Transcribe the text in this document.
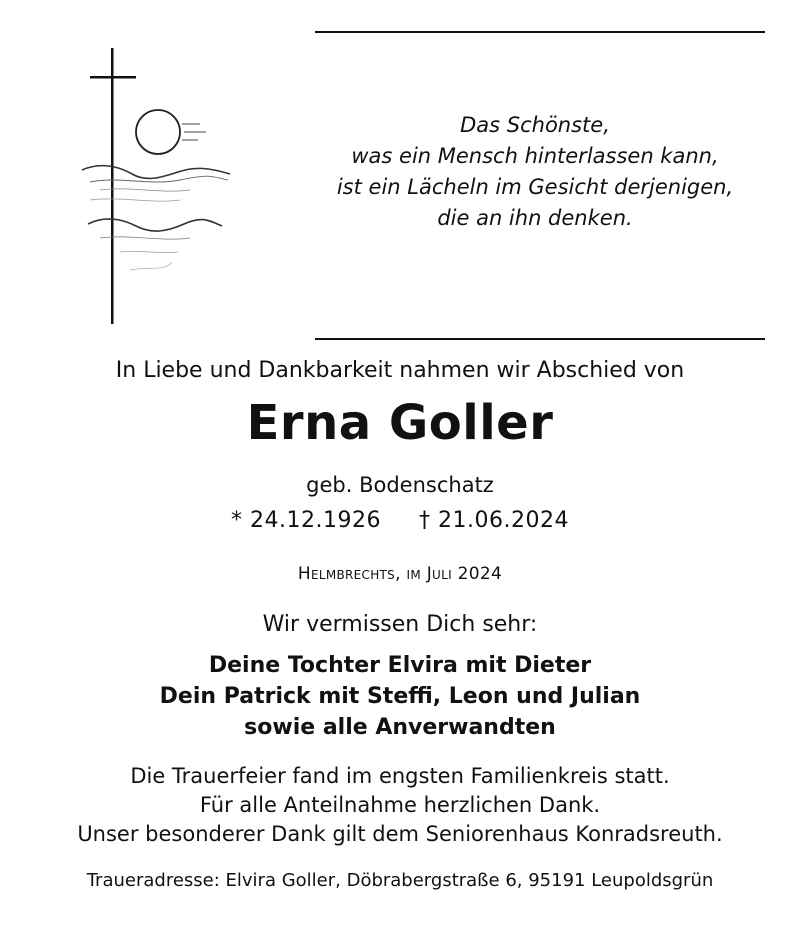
Das Schönste,
was ein Mensch hinterlassen kann,
ist ein Lächeln im Gesicht derjenigen,
die an ihn denken.
In Liebe und Dankbarkeit nahmen wir Abschied von
Erna Goller
geb. Bodenschatz
* 24.12.1926 † 21.06.2024
Helmbrechts, im Juli 2024
Wir vermissen Dich sehr:
Deine Tochter Elvira mit Dieter
Dein Patrick mit Steffi, Leon und Julian
sowie alle Anverwandten
Die Trauerfeier fand im engsten Familienkreis statt.
Für alle Anteilnahme herzlichen Dank.
Unser besonderer Dank gilt dem Seniorenhaus Konradsreuth.
Traueradresse: Elvira Goller, Döbrabergstraße 6, 95191 Leupoldsgrün
